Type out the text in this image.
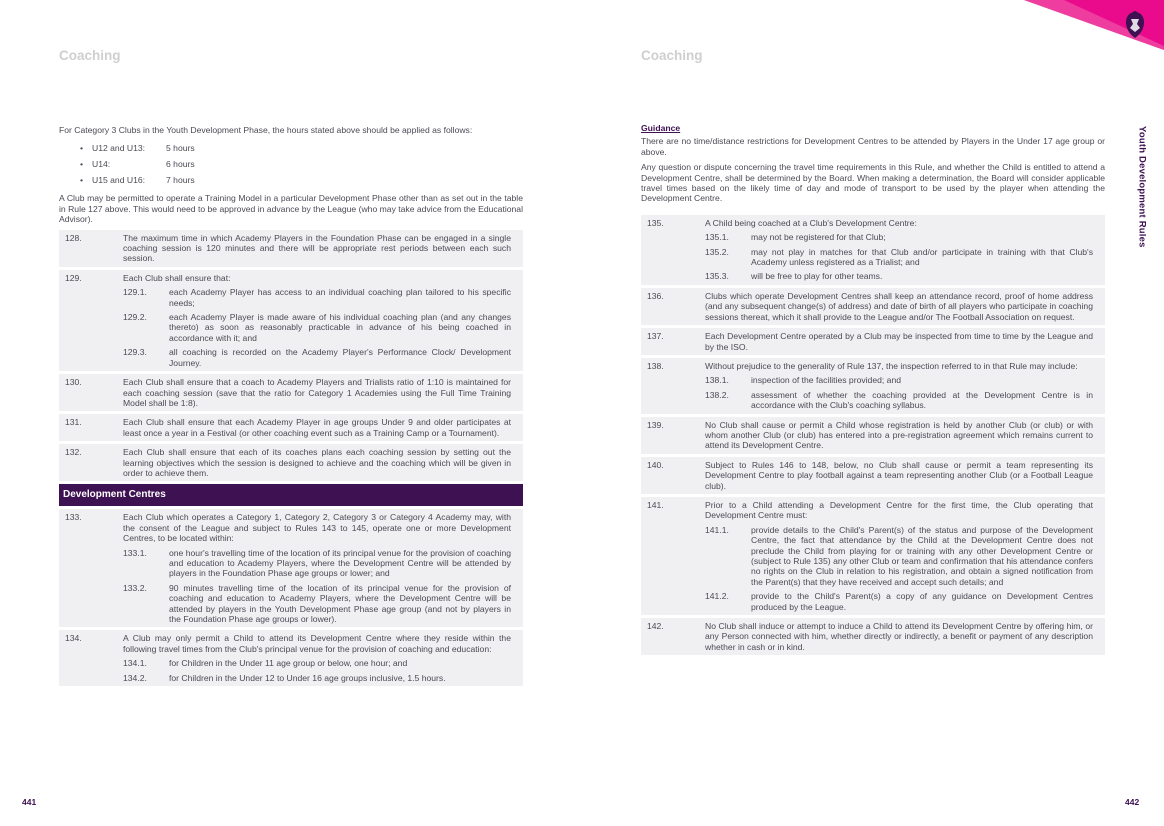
Coaching

For Category 3 Clubs in the Youth Development Phase, the hours stated above should be applied as follows:

• U12 and U13: 5 hours
• U14:	6 hours
• U15 and U16: 7 hours

A Club may be permitted to operate a Training Model in a particular Development Phase other than as set out in the table in Rule 127 above. This would need to be approved in advance by the League (who may take advice from the Educational Advisor).

128.	The maximum time in which Academy Players in the Foundation Phase can be engaged in a single coaching session is 120 minutes and there will be appropriate rest periods between each such session.
129.	Each Club shall ensure that:
129.1.	each Academy Player has access to an individual coaching plan tailored to his specific needs;
129.2.	each Academy Player is made aware of his individual coaching plan (and any changes thereto) as soon as reasonably practicable in advance of his being coached in accordance with it; and
129.3.	all coaching is recorded on the Academy Player's Performance Clock/ Development Journey.
130.	Each Club shall ensure that a coach to Academy Players and Trialists ratio of 1:10 is maintained for each coaching session (save that the ratio for Category 1 Academies using the Full Time Training Model shall be 1:8).
131.	Each Club shall ensure that each Academy Player in age groups Under 9 and older participates at least once a year in a Festival (or other coaching event such as a Training Camp or a Tournament).
132.	Each Club shall ensure that each of its coaches plans each coaching session by setting out the learning objectives which the session is designed to achieve and the coaching which will be given in order to achieve them.
Development Centres
133.	Each Club which operates a Category 1, Category 2, Category 3 or Category 4 Academy may, with the consent of the League and subject to Rules 143 to 145, operate one or more Development Centres, to be located within:
133.1.	one hour's travelling time of the location of its principal venue for the provision of coaching and education to Academy Players, where the Development Centre will be attended by players in the Foundation Phase age groups or lower; and
133.2.	90 minutes travelling time of the location of its principal venue for the provision of coaching and education to Academy Players, where the Development Centre will be attended by players in the Youth Development Phase age group (and not by players in the Foundation Phase age groups or lower).
134.	A Club may only permit a Child to attend its Development Centre where they reside within the following travel times from the Club's principal venue for the provision of coaching and education:
134.1.	for Children in the Under 11 age group or below, one hour; and
134.2.	for Children in the Under 12 to Under 16 age groups inclusive, 1.5 hours.
441
Coaching
Guidance

There are no time/distance restrictions for Development Centres to be attended by Players in the Under 17 age group or above.

Any question or dispute concerning the travel time requirements in this Rule, and whether the Child is entitled to attend a Development Centre, shall be determined by the Board. When making a determination, the Board will consider applicable travel times based on the likely time of day and mode of transport to be used by the player when attending the Development Centre.

135.	A Child being coached at a Club's Development Centre:
135.1.	may not be registered for that Club;
135.2.	may not play in matches for that Club and/or participate in training with that Club's Academy unless registered as a Trialist; and
135.3.	will be free to play for other teams.
136.	Clubs which operate Development Centres shall keep an attendance record, proof of home address (and any subsequent change(s) of address) and date of birth of all players who participate in coaching sessions thereat, which it shall provide to the League and/or The Football Association on request.
137.	Each Development Centre operated by a Club may be inspected from time to time by the League and by the ISO.
138.	Without prejudice to the generality of Rule 137, the inspection referred to in that Rule may include:
138.1.	inspection of the facilities provided; and
138.2.	assessment of whether the coaching provided at the Development Centre is in accordance with the Club's coaching syllabus.
139.	No Club shall cause or permit a Child whose registration is held by another Club (or club) or with whom another Club (or club) has entered into a pre-registration agreement which remains current to attend its Development Centre.
140.	Subject to Rules 146 to 148, below, no Club shall cause or permit a team representing its Development Centre to play football against a team representing another Club (or a Football League club).
141.	Prior to a Child attending a Development Centre for the first time, the Club operating that Development Centre must:
141.1.	provide details to the Child's Parent(s) of the status and purpose of the Development Centre, the fact that attendance by the Child at the Development Centre does not preclude the Child from playing for or training with any other Development Centre or (subject to Rule 135) any other Club or team and confirmation that his attendance confers no rights on the Club in relation to his registration, and obtain a signed notification from the Parent(s) that they have received and accept such details; and
141.2.	provide to the Child's Parent(s) a copy of any guidance on Development Centres produced by the League.
142.	No Club shall induce or attempt to induce a Child to attend its Development Centre by offering him, or any Person connected with him, whether directly or indirectly, a benefit or payment of any description whether in cash or in kind.
Youth Development Rules
442
